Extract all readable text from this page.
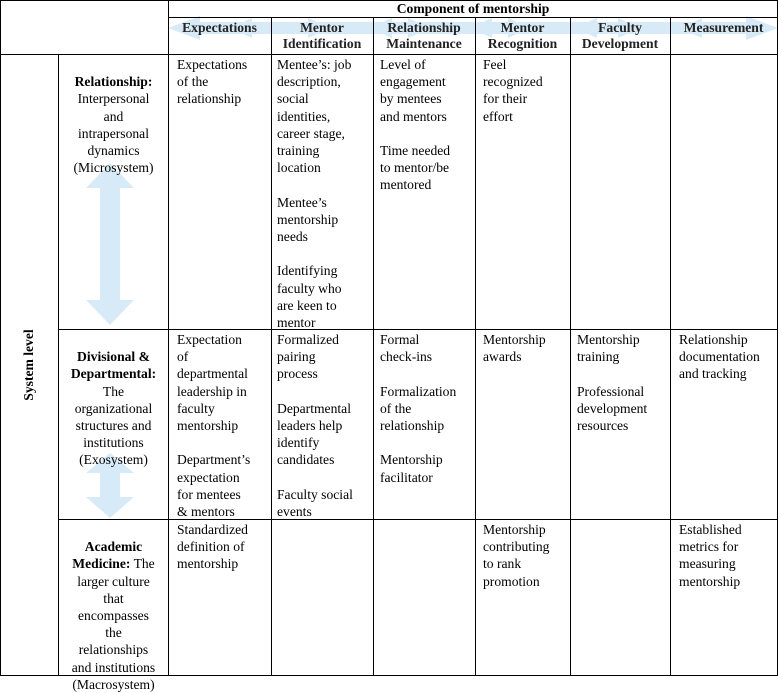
Component of mentorship
Expectations	Mentor
Identification
Relationship
Maintenance
Mentor
Recognition
Faculty
Development
Measurement
System level

Relationship:
Interpersonal
and
intrapersonal
dynamics
(Microsystem)

Divisional &
Departmental:
The
organizational
structures and
institutions
(Exosystem)

Academic
Medicine: The
larger culture
that
encompasses
the
relationships
and institutions
(Macrosystem)

Expectations
of the
relationship
Mentee’s: job
description,
social
identities,
career stage,
training
location

Mentee’s
mentorship
needs

Identifying
faculty who
are keen to
mentor
Level of
engagement
by mentees
and mentors

Time needed
to mentor/be
mentored
Feel
recognized
for their
effort
Expectation
of
departmental
leadership in
faculty
mentorship

Department’s
expectation
for mentees
& mentors
Formalized
pairing
process

Departmental
leaders help
identify
candidates

Faculty social
events
Formal
check-ins

Formalization
of the
relationship

Mentorship
facilitator
Mentorship
awards
Mentorship
training

Professional
development
resources
Relationship
documentation
and tracking
Standardized
definition of
mentorship
Mentorship
contributing
to rank
promotion
Established
metrics for
measuring
mentorship
